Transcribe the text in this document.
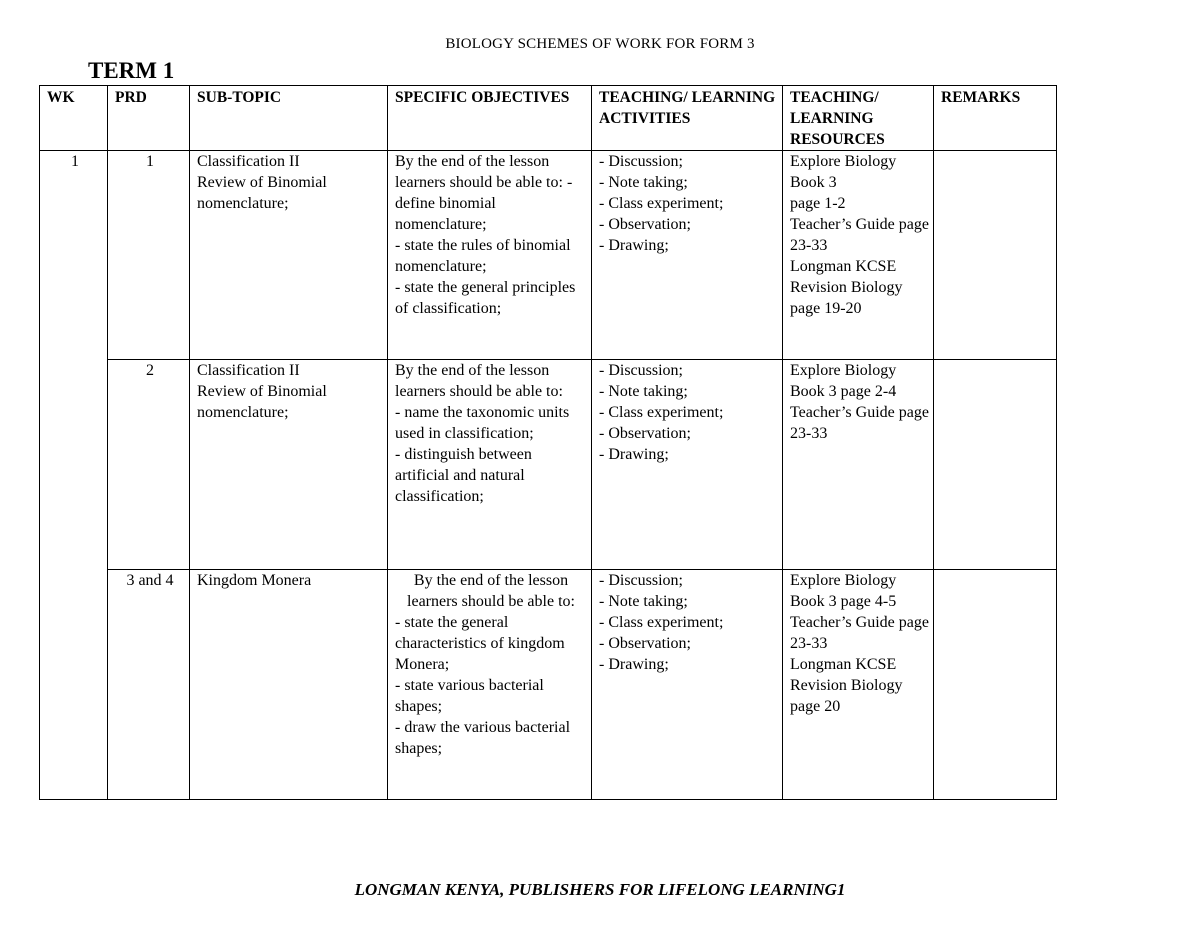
BIOLOGY SCHEMES OF WORK FOR FORM 3
TERM 1
WK	PRD	SUB-TOPIC	SPECIFIC OBJECTIVES	TEACHING/ LEARNING ACTIVITIES	TEACHING/ LEARNING RESOURCES	REMARKS
1	1	Classification II
Review of Binomial nomenclature;	By the end of the lesson learners should be able to: - define binomial nomenclature;
- state the rules of binomial nomenclature;
- state the general principles of classification;	- Discussion;
- Note taking;
- Class experiment;
- Observation;
- Drawing;	Explore Biology Book 3
page 1-2
Teacher’s Guide page 23-33
Longman KCSE Revision Biology
page 19-20	

	2	Classification II
Review of Binomial nomenclature;	By the end of the lesson learners should be able to:
- name the taxonomic units used in classification;
- distinguish between artificial and natural classification;	- Discussion;
- Note taking;
- Class experiment;
- Observation;
- Drawing;	Explore Biology Book 3 page 2-4
Teacher’s Guide page 23-33	

	3 and 4	Kingdom Monera	By the end of the lesson learners should be able to:
- state the general characteristics of kingdom Monera;
- state various bacterial shapes;
- draw the various bacterial shapes;	- Discussion;
- Note taking;
- Class experiment;
- Observation;
- Drawing;	Explore Biology Book 3 page 4-5
Teacher’s Guide page 23-33
Longman KCSE Revision Biology page 20	

LONGMAN KENYA, PUBLISHERS FOR LIFELONG LEARNING1
